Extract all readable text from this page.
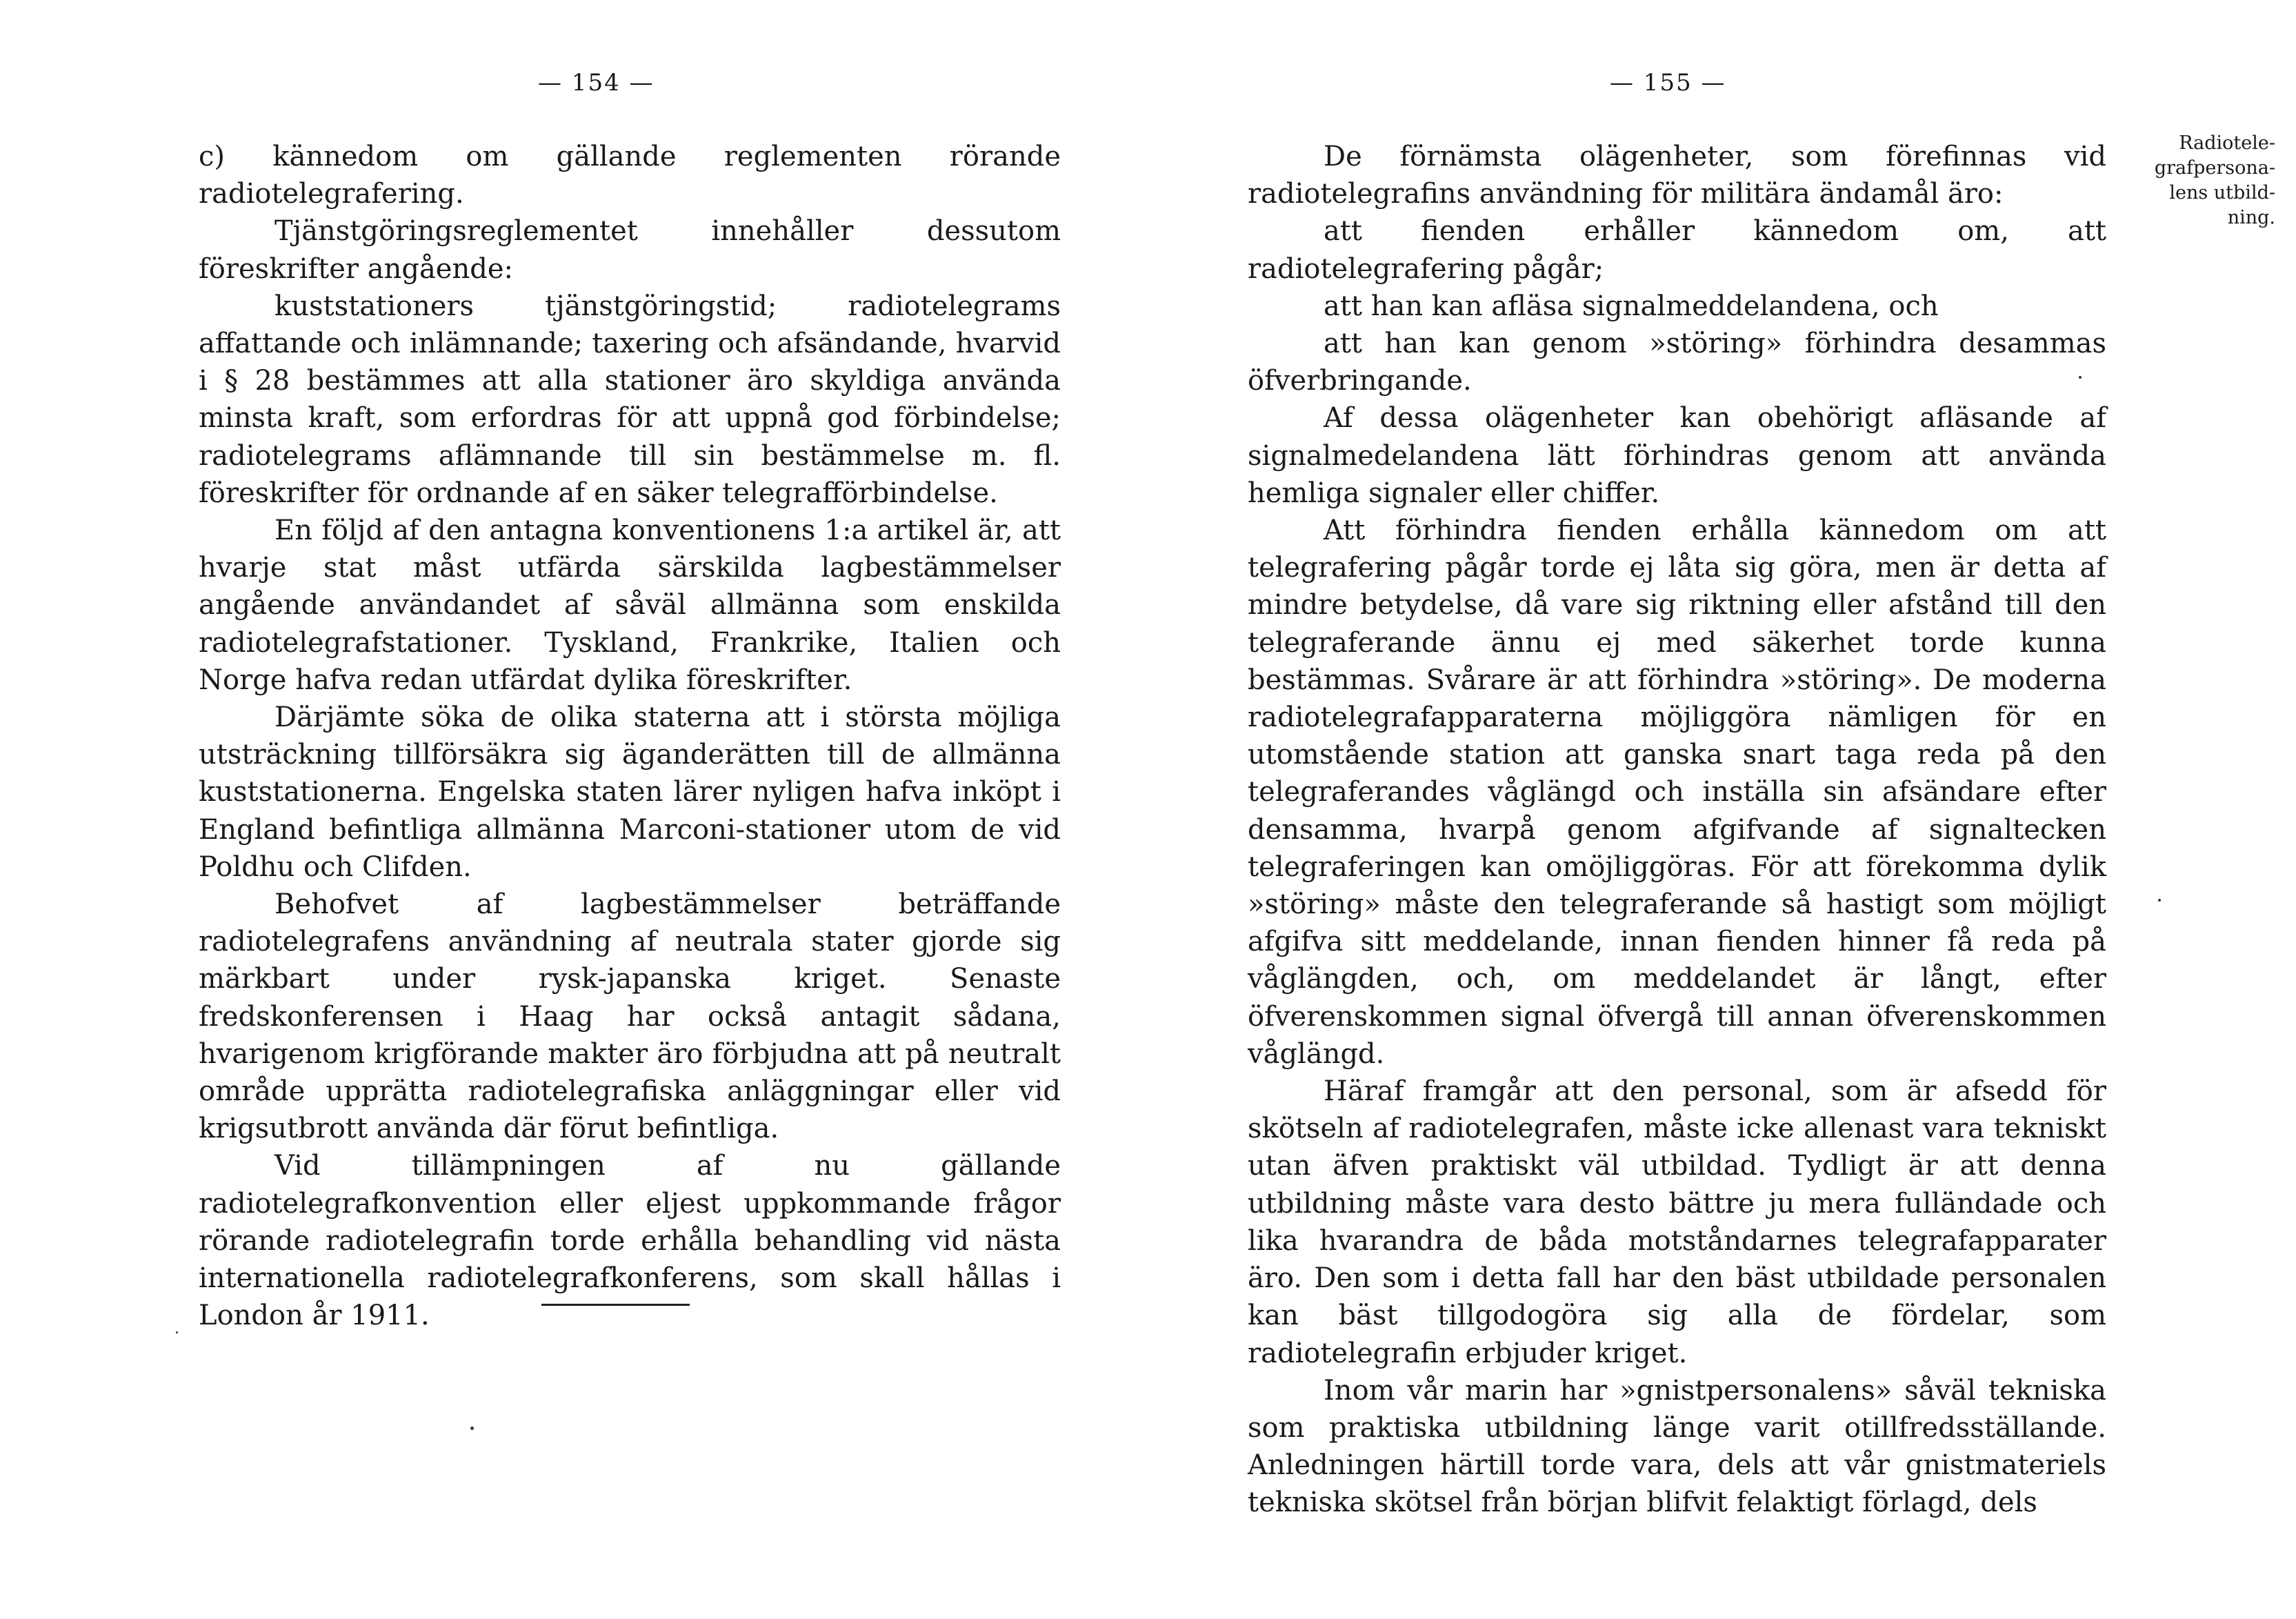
— 154 —

c) kännedom om gällande reglementen rörande radiotelegrafering.

Tjänstgöringsreglementet innehåller dessutom föreskrifter angående:

kuststationers tjänstgöringstid; radiotelegrams affattande och inlämnande; taxering och afsändande, hvarvid i § 28 bestämmes att alla stationer äro skyldiga använda minsta kraft, som erfordras för att uppnå god förbindelse; radiotelegrams aflämnande till sin bestämmelse m. fl. föreskrifter för ordnande af en säker telegrafförbindelse.

En följd af den antagna konventionens 1:a artikel är, att hvarje stat måst utfärda särskilda lagbestämmelser angående användandet af såväl allmänna som enskilda radiotelegrafstationer. Tyskland, Frankrike, Italien och Norge hafva redan utfärdat dylika föreskrifter.

Därjämte söka de olika staterna att i största möjliga utsträckning tillförsäkra sig äganderätten till de allmänna kuststationerna. Engelska staten lärer nyligen hafva inköpt i England befintliga allmänna Marconi-stationer utom de vid Poldhu och Clifden.

Behofvet af lagbestämmelser beträffande radiotelegrafens användning af neutrala stater gjorde sig märkbart under rysk-japanska kriget. Senaste fredskonferensen i Haag har också antagit sådana, hvarigenom krigförande makter äro förbjudna att på neutralt område upprätta radiotelegrafiska anläggningar eller vid krigsutbrott använda där förut befintliga.

Vid tillämpningen af nu gällande radiotelegrafkonvention eller eljest uppkommande frågor rörande radiotelegrafin torde erhålla behandling vid nästa internationella radiotelegrafkonferens, som skall hållas i London år 1911.

— 155 —
Radiotele-
grafpersona-
lens utbild-
ning.

De förnämsta olägenheter, som förefinnas vid radiotelegrafins användning för militära ändamål äro:

att fienden erhåller kännedom om, att radiotelegrafering pågår;

att han kan afläsa signalmeddelandena, och

att han kan genom »störing» förhindra desammas öfverbringande.

Af dessa olägenheter kan obehörigt afläsande af signalmedelandena lätt förhindras genom att använda hemliga signaler eller chiffer.

Att förhindra fienden erhålla kännedom om att telegrafering pågår torde ej låta sig göra, men är detta af mindre betydelse, då vare sig riktning eller afstånd till den telegraferande ännu ej med säkerhet torde kunna bestämmas. Svårare är att förhindra »störing». De moderna radiotelegrafapparaterna möjliggöra nämligen för en utomstående station att ganska snart taga reda på den telegraferandes våglängd och inställa sin afsändare efter densamma, hvarpå genom afgifvande af signaltecken telegraferingen kan omöjliggöras. För att förekomma dylik »störing» måste den telegraferande så hastigt som möjligt afgifva sitt meddelande, innan fienden hinner få reda på våglängden, och, om meddelandet är långt, efter öfverenskommen signal öfvergå till annan öfverenskommen våglängd.

Häraf framgår att den personal, som är afsedd för skötseln af radiotelegrafen, måste icke allenast vara tekniskt utan äfven praktiskt väl utbildad. Tydligt är att denna utbildning måste vara desto bättre ju mera fulländade och lika hvarandra de båda motståndarnes telegrafapparater äro. Den som i detta fall har den bäst utbildade personalen kan bäst tillgodogöra sig alla de fördelar, som radiotelegrafin erbjuder kriget.

Inom vår marin har »gnistpersonalens» såväl tekniska som praktiska utbildning länge varit otillfredsställande. Anledningen härtill torde vara, dels att vår gnistmateriels tekniska skötsel från början blifvit felaktigt förlagd, dels
